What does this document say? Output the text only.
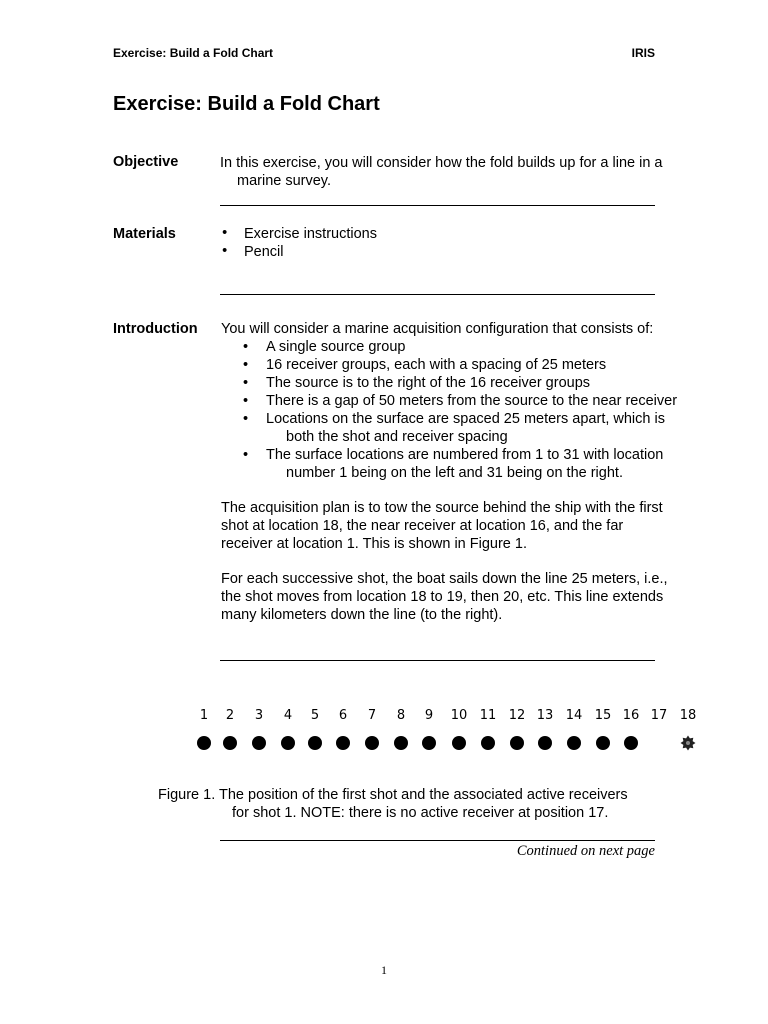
Exercise: Build a Fold Chart	IRIS
Exercise: Build a Fold Chart
Objective	In this exercise, you will consider how the fold builds up for a line in a
marine survey.
Materials
•	Exercise instructions
• Pencil
Introduction You will consider a marine acquisition configuration that consists of:
• A single source group
• 16 receiver groups, each with a spacing of 25 meters
• The source is to the right of the 16 receiver groups
• There is a gap of 50 meters from the source to the near receiver
• Locations on the surface are spaced 25 meters apart, which is
both the shot and receiver spacing
• The surface locations are numbered from 1 to 31 with location
number 1 being on the left and 31 being on the right.
The acquisition plan is to tow the source behind the ship with the first
shot at location 18, the near receiver at location 16, and the far
receiver at location 1. This is shown in Figure 1.
For each successive shot, the boat sails down the line 25 meters, i.e.,
the shot moves from location 18 to 19, then 20, etc. This line extends
many kilometers down the line (to the right).
1	2	3	4	5	6	7	8	9	10 11 12 13 14 15 16 17 18
Figure 1. The position of the first shot and the associated active receivers
for shot 1. NOTE: there is no active receiver at position 17.
Continued on next page
1
